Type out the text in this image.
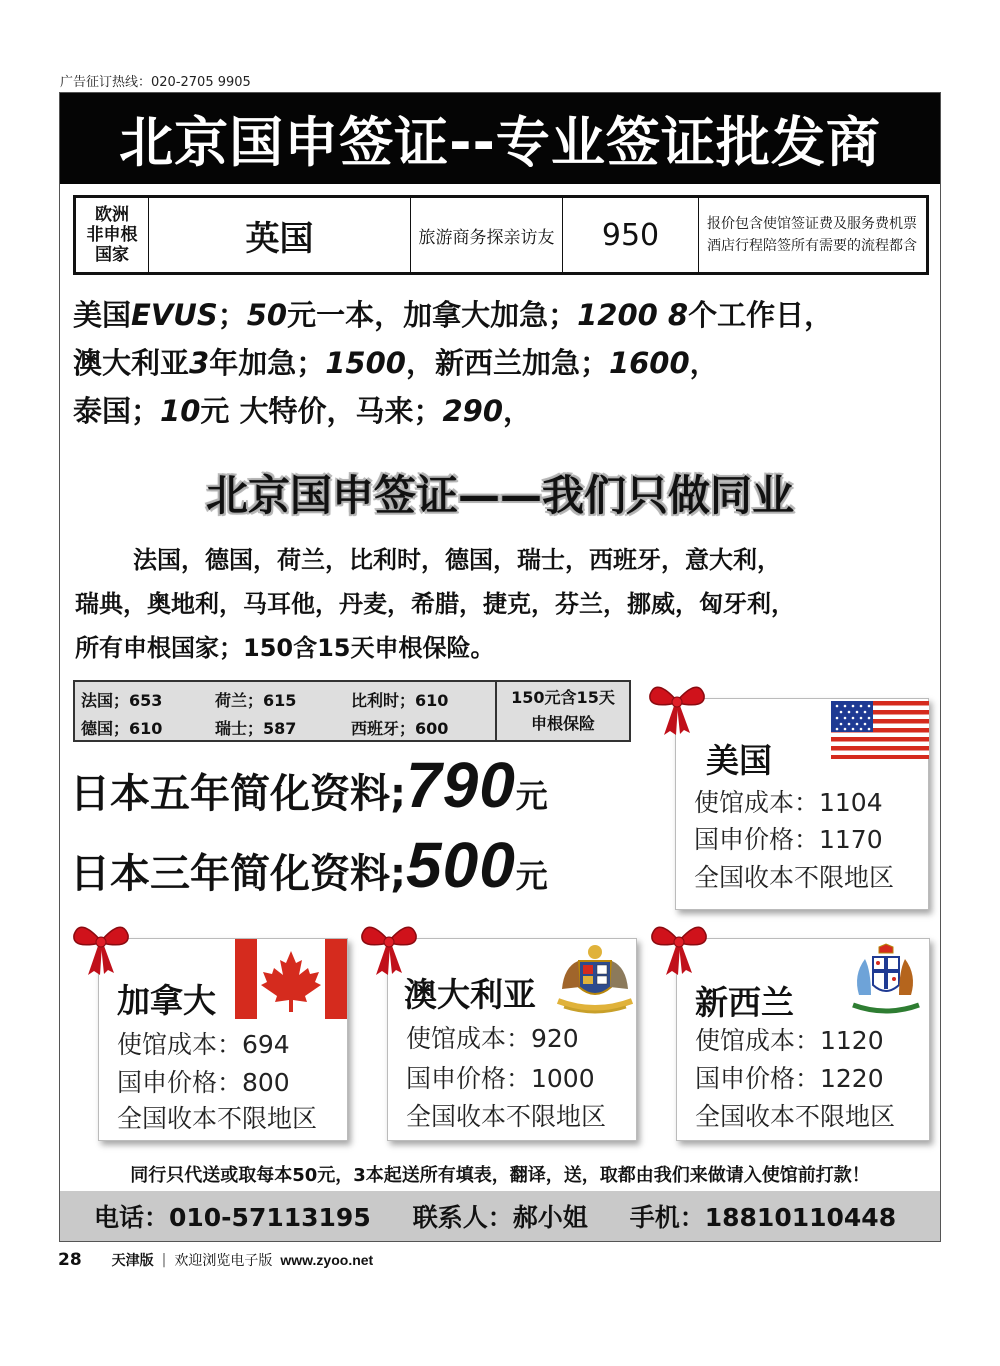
广告征订热线：020-2705 9905
北京国申签证--专业签证批发商
欧洲
非申根
国家	英国	旅游商务探亲访友	950	报价包含使馆签证费及服务费机票
酒店行程陪签所有需要的流程都含
美国EVUS；50元一本，加拿大加急；1200 8个工作日，
澳大利亚3年加急；1500，新西兰加急；1600，
泰国；10元 大特价，马来；290，
北京国申签证——我们只做同业
法国，德国，荷兰，比利时，德国，瑞士，西班牙，意大利，
瑞典，奥地利，马耳他，丹麦，希腊，捷克，芬兰，挪威，匈牙利，
所有申根国家；150含15天申根保险。
法国；653	荷兰；615	比利时；610
德国；610	瑞士；587	西班牙；600
150元含15天
申根保险
日本五年简化资料;790元
日本三年简化资料;500元
美国
使馆成本：1104
国申价格：1170
全国收本不限地区
加拿大
使馆成本：694
国申价格：800
全国收本不限地区
澳大利亚
使馆成本：920
国申价格：1000
全国收本不限地区
新西兰
使馆成本：1120
国申价格：1220
全国收本不限地区
同行只代送或取每本50元，3本起送所有填表，翻译，送，取都由我们来做请入使馆前打款！
电话：010-57113195 联系人：郝小姐 手机：18810110448
28 天津版 | 欢迎浏览电子版 www.zyoo.net
